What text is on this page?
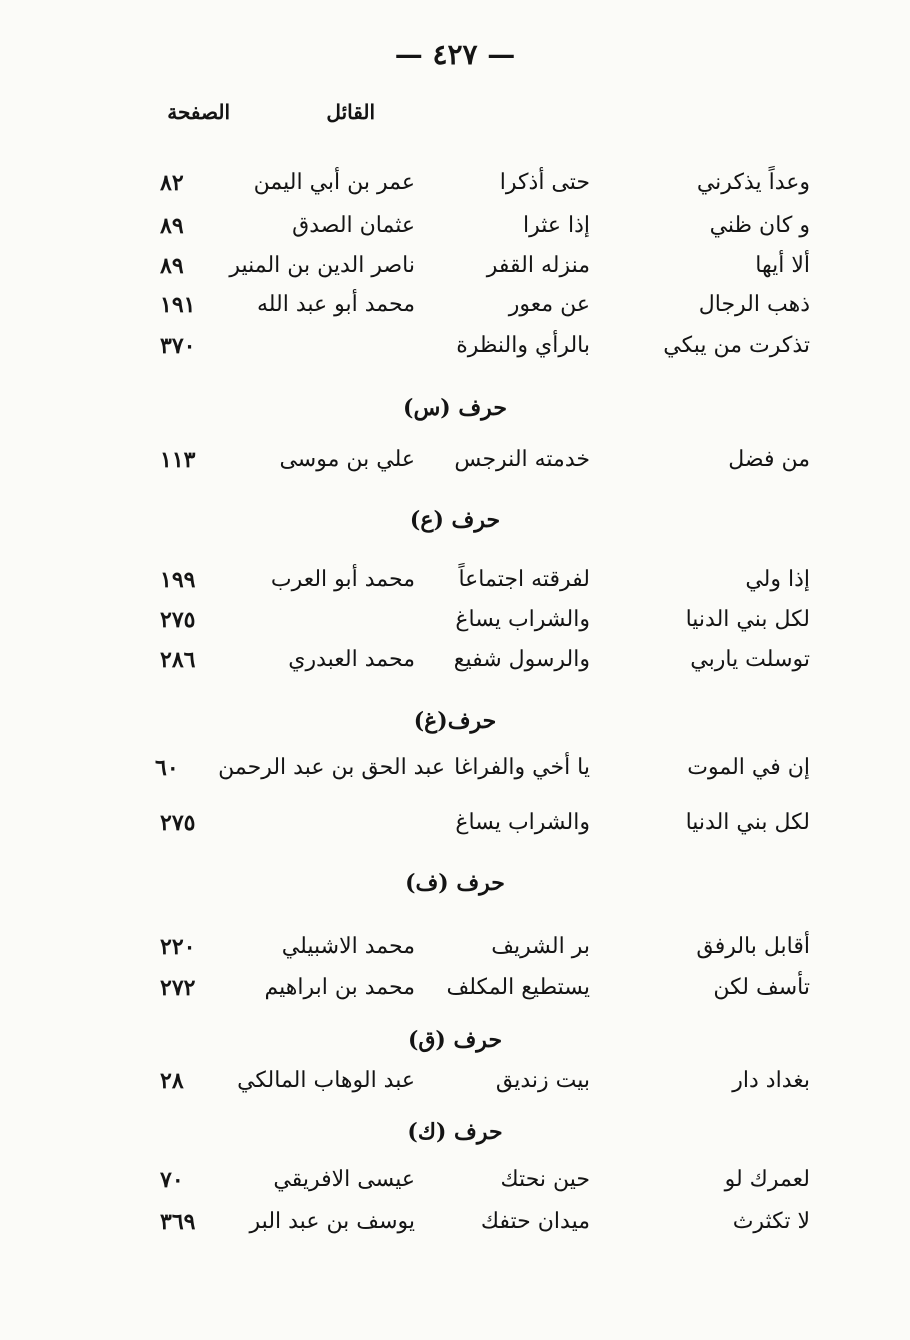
— ٤٢٧ —
القائل
الصفحة
وعداً يذكرني
حتى أذكرا
عمر بن أبي اليمن
٨٢
و كان ظني
إذا عثرا
عثمان الصدق
٨٩
ألا أيها
منزله القفر
ناصر الدين بن المنير
٨٩
ذهب الرجال
عن معور
محمد أبو عبد الله
١٩١
تذكرت من يبكي
بالرأي والنظرة
٣٧٠
حرف (س)
من فضل
خدمته النرجس
علي بن موسى
١١٣
حرف (ع)
إذا ولي
لفرقته اجتماعاً
محمد أبو العرب
١٩٩
لكل بني الدنيا
والشراب يساغ
٢٧٥
توسلت ياربي
والرسول شفيع
محمد العبدري
٢٨٦
حرف(غ)
إن في الموت
يا أخي والفراغا
عبد الحق بن عبد الرحمن
٦٠
لكل بني الدنيا
والشراب يساغ
٢٧٥
حرف (ف)
أقابل بالرفق
بر الشريف
محمد الاشبيلي
٢٢٠
تأسف لكن
يستطيع المكلف
محمد بن ابراهيم
٢٧٢
حرف (ق)
بغداد دار
بيت زنديق
عبد الوهاب المالكي
٢٨
حرف (ك)
لعمرك لو
حين نحتك
عيسى الافريقي
٧٠
لا تكثرث
ميدان حتفك
يوسف بن عبد البر
٣٦٩
